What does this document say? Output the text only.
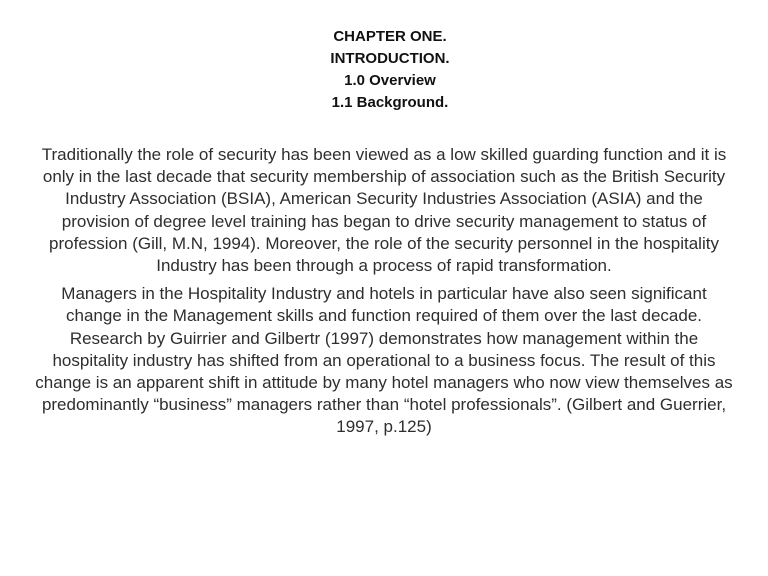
CHAPTER ONE.
INTRODUCTION.
1.0 Overview
1.1 Background.

Traditionally the role of security has been viewed as a low skilled guarding function and it is only in the last decade that security membership of association such as the British Security Industry Association (BSIA), American Security Industries Association (ASIA) and the provision of degree level training has began to drive security management to status of profession (Gill, M.N, 1994). Moreover, the role of the security personnel in the hospitality Industry has been through a process of rapid transformation.

Managers in the Hospitality Industry and hotels in particular have also seen significant change in the Management skills and function required of them over the last decade. Research by Guirrier and Gilbertr (1997) demonstrates how management within the hospitality industry has shifted from an operational to a business focus. The result of this change is an apparent shift in attitude by many hotel managers who now view themselves as predominantly “business” managers rather than “hotel professionals”. (Gilbert and Guerrier, 1997, p.125)
